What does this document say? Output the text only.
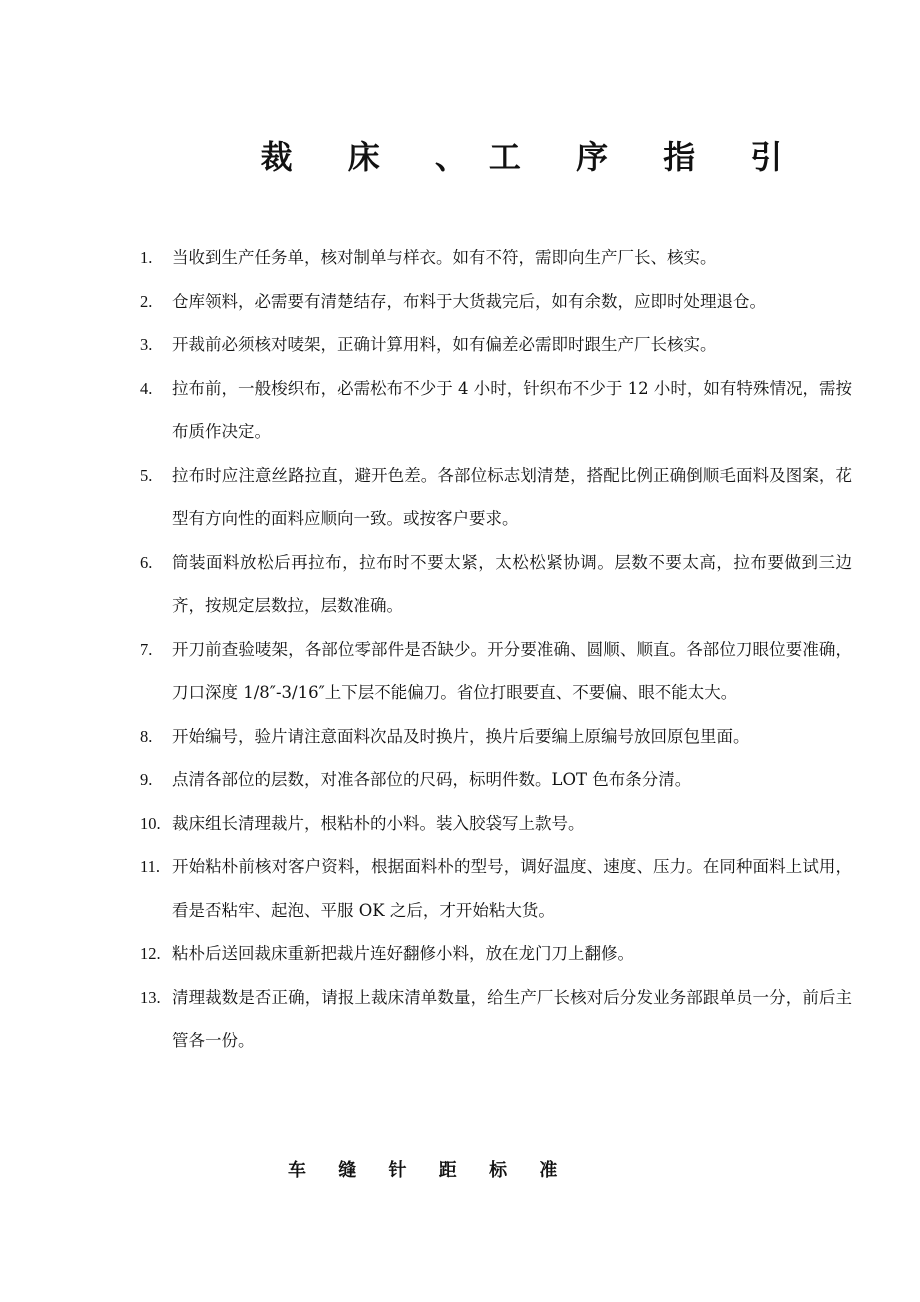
裁 床 、工 序 指 引
1. 当收到生产任务单，核对制单与样衣。如有不符，需即向生产厂长、核实。
2. 仓库领料，必需要有清楚结存，布料于大货裁完后，如有余数，应即时处理退仓。
3. 开裁前必须核对唛架，正确计算用料，如有偏差必需即时跟生产厂长核实。
4. 拉布前，一般梭织布，必需松布不少于 4 小时，针织布不少于 12 小时，如有特殊情况，需按布质作决定。
5. 拉布时应注意丝路拉直，避开色差。各部位标志划清楚，搭配比例正确倒顺毛面料及图案，花型有方向性的面料应顺向一致。或按客户要求。
6. 筒装面料放松后再拉布，拉布时不要太紧，太松松紧协调。层数不要太高，拉布要做到三边齐，按规定层数拉，层数准确。
7. 开刀前查验唛架，各部位零部件是否缺少。开分要准确、圆顺、顺直。各部位刀眼位要准确，刀口深度 1/8″-3/16″上下层不能偏刀。省位打眼要直、不要偏、眼不能太大。
8. 开始编号，验片请注意面料次品及时换片，换片后要编上原编号放回原包里面。
9. 点清各部位的层数，对准各部位的尺码，标明件数。LOT 色布条分清。
10. 裁床组长清理裁片，根粘朴的小料。装入胶袋写上款号。
11. 开始粘朴前核对客户资料，根据面料朴的型号，调好温度、速度、压力。在同种面料上试用，看是否粘牢、起泡、平服 OK 之后，才开始粘大货。
12. 粘朴后送回裁床重新把裁片连好翻修小料，放在龙门刀上翻修。
13. 清理裁数是否正确，请报上裁床清单数量，给生产厂长核对后分发业务部跟单员一分，前后主管各一份。
车 缝 针 距 标 准
